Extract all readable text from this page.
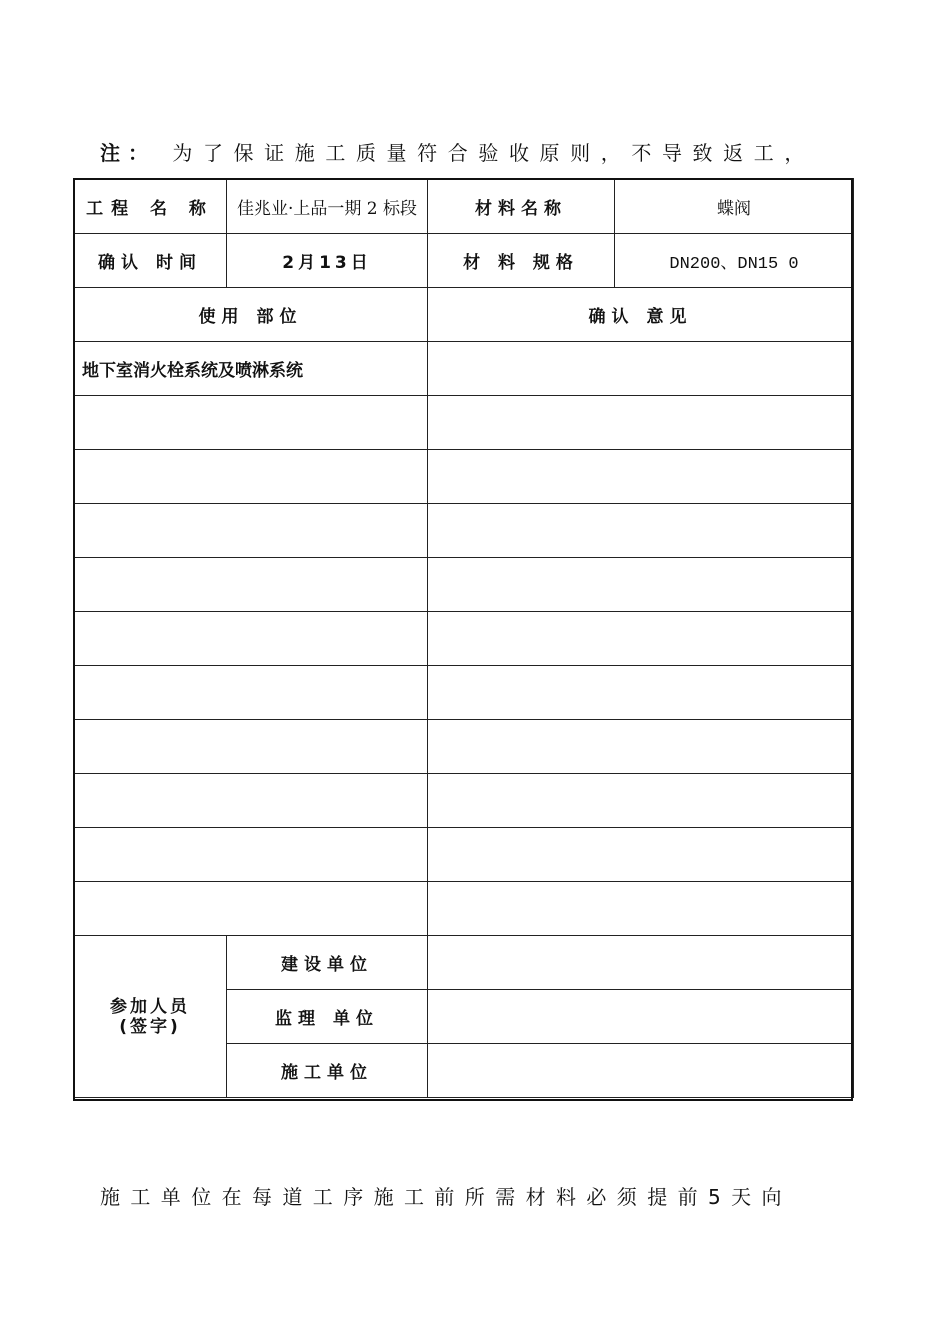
注： 为了保证施工质量符合验收原则，不导致返工，
工程 名 称	佳兆业·上品一期 2 标段	材料名称	蝶阀
确认 时间	2月13日	材 料 规格	DN200、DN15 0
使用 部位		确认 意见	
地下室消火栓系统及喷淋系统			

参加人员
(签字)	建设单位		
	监理 单位		
	施工单位		
施工单位在每道工序施工前所需材料必须提前5天向
